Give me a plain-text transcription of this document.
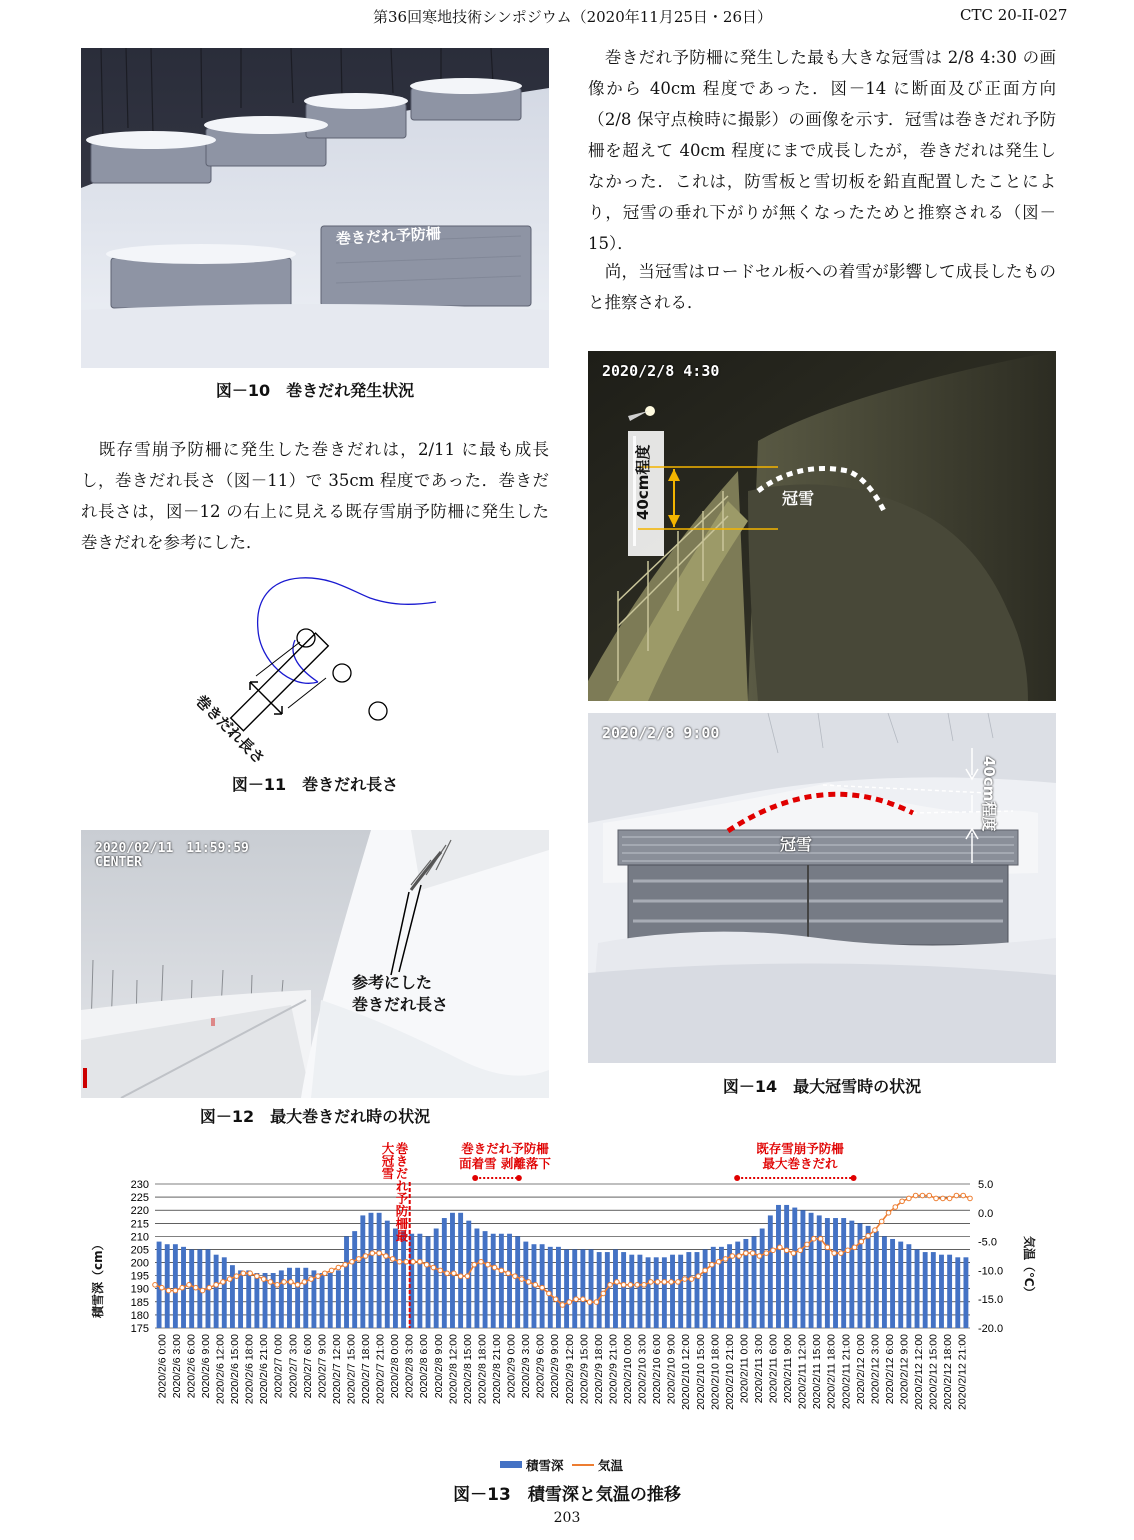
第36回寒地技術シンポジウム（2020年11月25日・26日）	CTC 20-II-027
巻きだれ予防柵
図－10　巻きだれ発生状況
　既存雪崩予防柵に発生した巻きだれは，2/11 に最も成長し，巻きだれ長さ（図－11）で 35cm 程度であった．巻きだれ長さは，図－12 の右上に見える既存雪崩予防柵に発生した巻きだれを参考にした．
巻きだれ長さ
図－11　巻きだれ長さ
2020/02/11　11:59:59
CENTER
参考にした
巻きだれ長さ
図－12　最大巻きだれ時の状況
　巻きだれ予防柵に発生した最も大きな冠雪は 2/8 4:30 の画像から 40cm 程度であった．図－14 に断面及び正面方向（2/8 保守点検時に撮影）の画像を示す．冠雪は巻きだれ予防柵を超えて 40cm 程度にまで成長したが，巻きだれは発生しなかった．これは，防雪板と雪切板を鉛直配置したことにより，冠雪の垂れ下がりが無くなったためと推察される（図－15）．
　尚，当冠雪はロードセル板への着雪が影響して成長したものと推察される．
2020/2/8 4:30
40cm程度	冠雪
2020/2/8 9:00
40cm程度
冠雪
図－14　最大冠雪時の状況
175
180
185
190
195
200
205
210
215
220
225
230	5.0
0.0
-5.0
-10.0
-15.0
-20.0
2020/2/6 0:00 2020/2/6 3:00 2020/2/6 6:00 2020/2/6 9:00 2020/2/6 12:00 2020/2/6 15:00 2020/2/6 18:00 2020/2/6 21:00 2020/2/7 0:00 2020/2/7 3:00 2020/2/7 6:00 2020/2/7 9:00 2020/2/7 12:00 2020/2/7 15:00 2020/2/7 18:00 2020/2/7 21:00 2020/2/8 0:00 2020/2/8 3:00 2020/2/8 6:00 2020/2/8 9:00 2020/2/8 12:00 2020/2/8 15:00 2020/2/8 18:00 2020/2/8 21:00 2020/2/9 0:00 2020/2/9 3:00 2020/2/9 6:00 2020/2/9 9:00 2020/2/9 12:00 2020/2/9 15:00 2020/2/9 18:00 2020/2/9 21:00 2020/2/10 0:00 2020/2/10 3:00 2020/2/10 6:00 2020/2/10 9:00 2020/2/10 12:00 2020/2/10 15:00 2020/2/10 18:00 2020/2/10 21:00 2020/2/11 0:00 2020/2/11 3:00 2020/2/11 6:00 2020/2/11 9:00 2020/2/11 12:00 2020/2/11 15:00 2020/2/11 18:00 2020/2/11 21:00 2020/2/12 0:00 2020/2/12 3:00 2020/2/12 6:00 2020/2/12 9:00 2020/2/12 12:00 2020/2/12 15:00 2020/2/12 18:00 2020/2/12 21:00
積雪深（cm）	気温（℃）
巻きだれ予防柵最大冠雪	巻きだれ予防柵
面着雪 剥離落下
既存雪崩予防柵
最大巻きだれ
積雪深	気温
図－13　積雪深と気温の推移
203
